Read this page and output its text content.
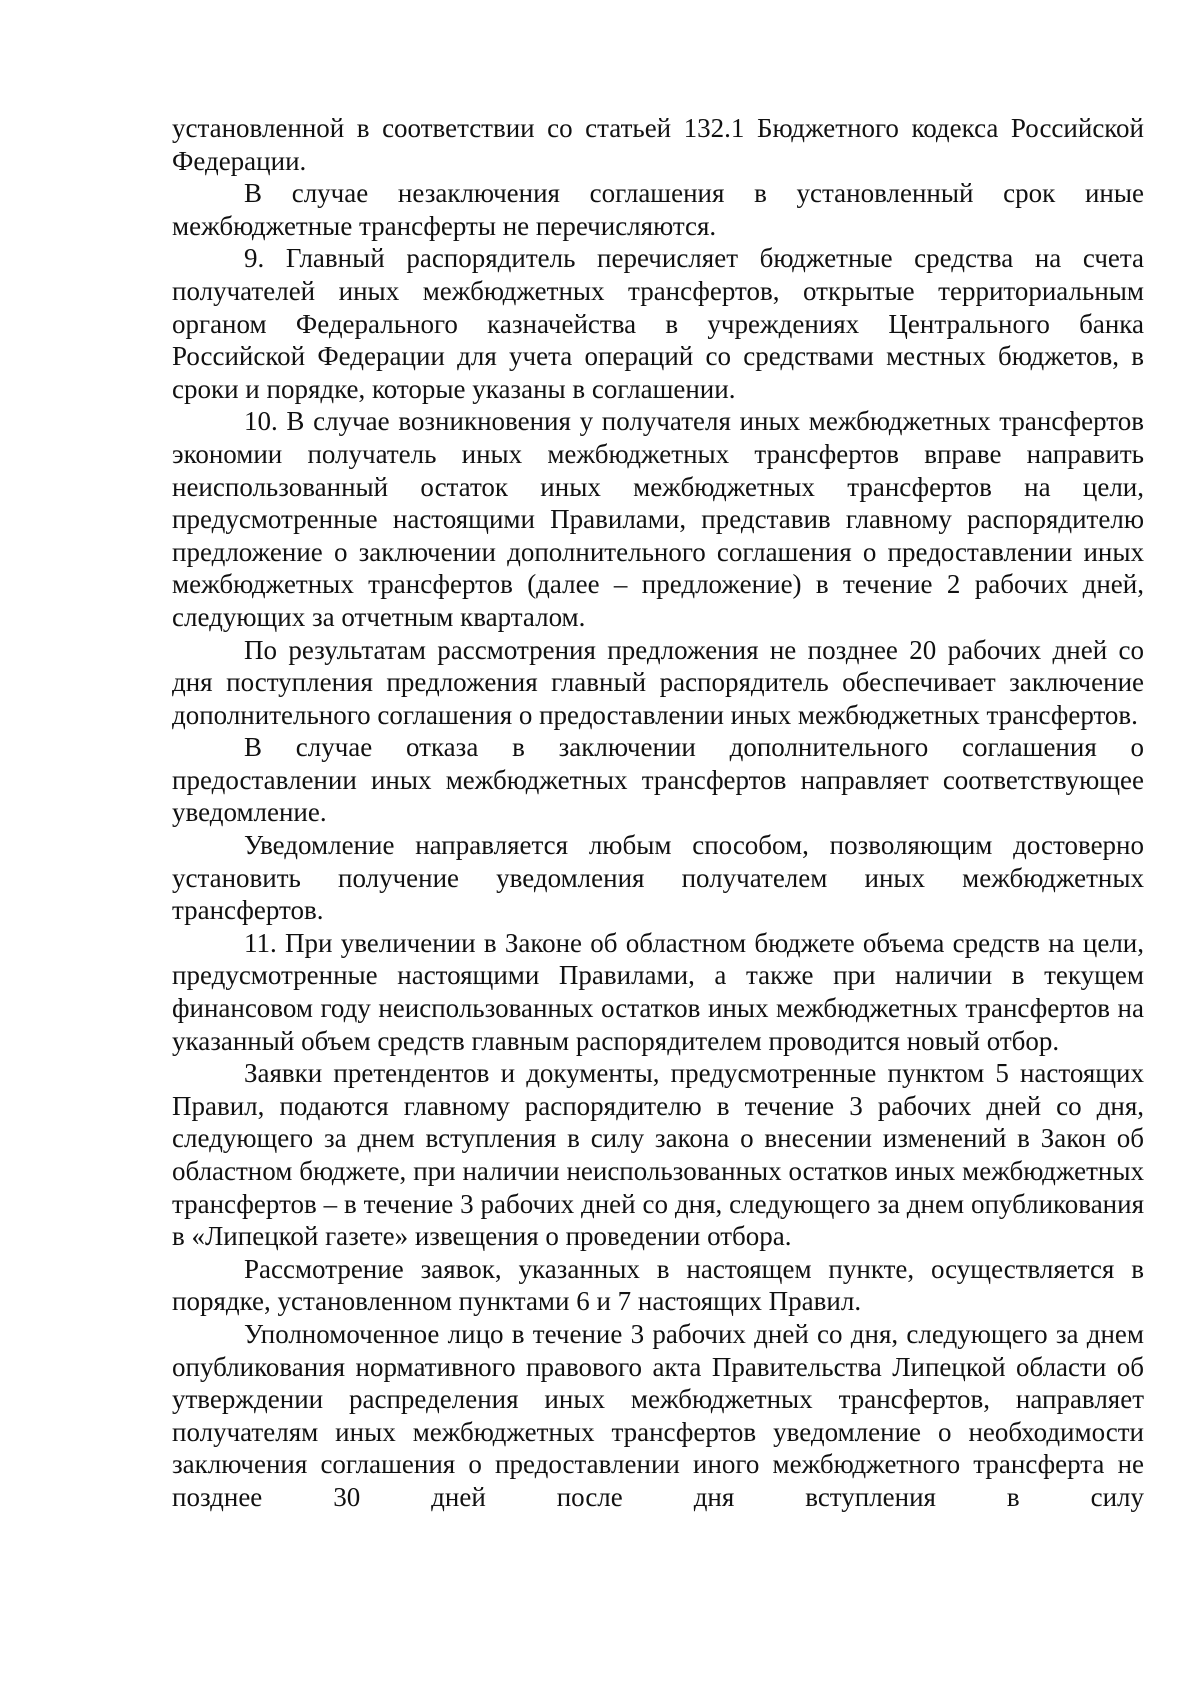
установленной в соответствии со статьей 132.1 Бюджетного кодекса Российской Федерации.

В случае незаключения соглашения в установленный срок иные межбюджетные трансферты не перечисляются.

9. Главный распорядитель перечисляет бюджетные средства на счета получателей иных межбюджетных трансфертов, открытые территориальным органом Федерального казначейства в учреждениях Центрального банка Российской Федерации для учета операций со средствами местных бюджетов, в сроки и порядке, которые указаны в соглашении.

10. В случае возникновения у получателя иных межбюджетных трансфертов экономии получатель иных межбюджетных трансфертов вправе направить неиспользованный остаток иных межбюджетных трансфертов на цели, предусмотренные настоящими Правилами, представив главному распорядителю предложение о заключении дополнительного соглашения о предоставлении иных межбюджетных трансфертов (далее – предложение) в течение 2 рабочих дней, следующих за отчетным кварталом.

По результатам рассмотрения предложения не позднее 20 рабочих дней со дня поступления предложения главный распорядитель обеспечивает заключение дополнительного соглашения о предоставлении иных межбюджетных трансфертов.

В случае отказа в заключении дополнительного соглашения о предоставлении иных межбюджетных трансфертов направляет соответствующее уведомление.

Уведомление направляется любым способом, позволяющим достоверно установить получение уведомления получателем иных межбюджетных трансфертов.

11. При увеличении в Законе об областном бюджете объема средств на цели, предусмотренные настоящими Правилами, а также при наличии в текущем финансовом году неиспользованных остатков иных межбюджетных трансфертов на указанный объем средств главным распорядителем проводится новый отбор.

Заявки претендентов и документы, предусмотренные пунктом 5 настоящих Правил, подаются главному распорядителю в течение 3 рабочих дней со дня, следующего за днем вступления в силу закона о внесении изменений в Закон об областном бюджете, при наличии неиспользованных остатков иных межбюджетных трансфертов – в течение 3 рабочих дней со дня, следующего за днем опубликования в «Липецкой газете» извещения о проведении отбора.

Рассмотрение заявок, указанных в настоящем пункте, осуществляется в порядке, установленном пунктами 6 и 7 настоящих Правил.

Уполномоченное лицо в течение 3 рабочих дней со дня, следующего за днем опубликования нормативного правового акта Правительства Липецкой области об утверждении распределения иных межбюджетных трансфертов, направляет получателям иных межбюджетных трансфертов уведомление о необходимости заключения соглашения о предоставлении иного межбюджетного трансферта не позднее 30 дней после дня вступления в силу
